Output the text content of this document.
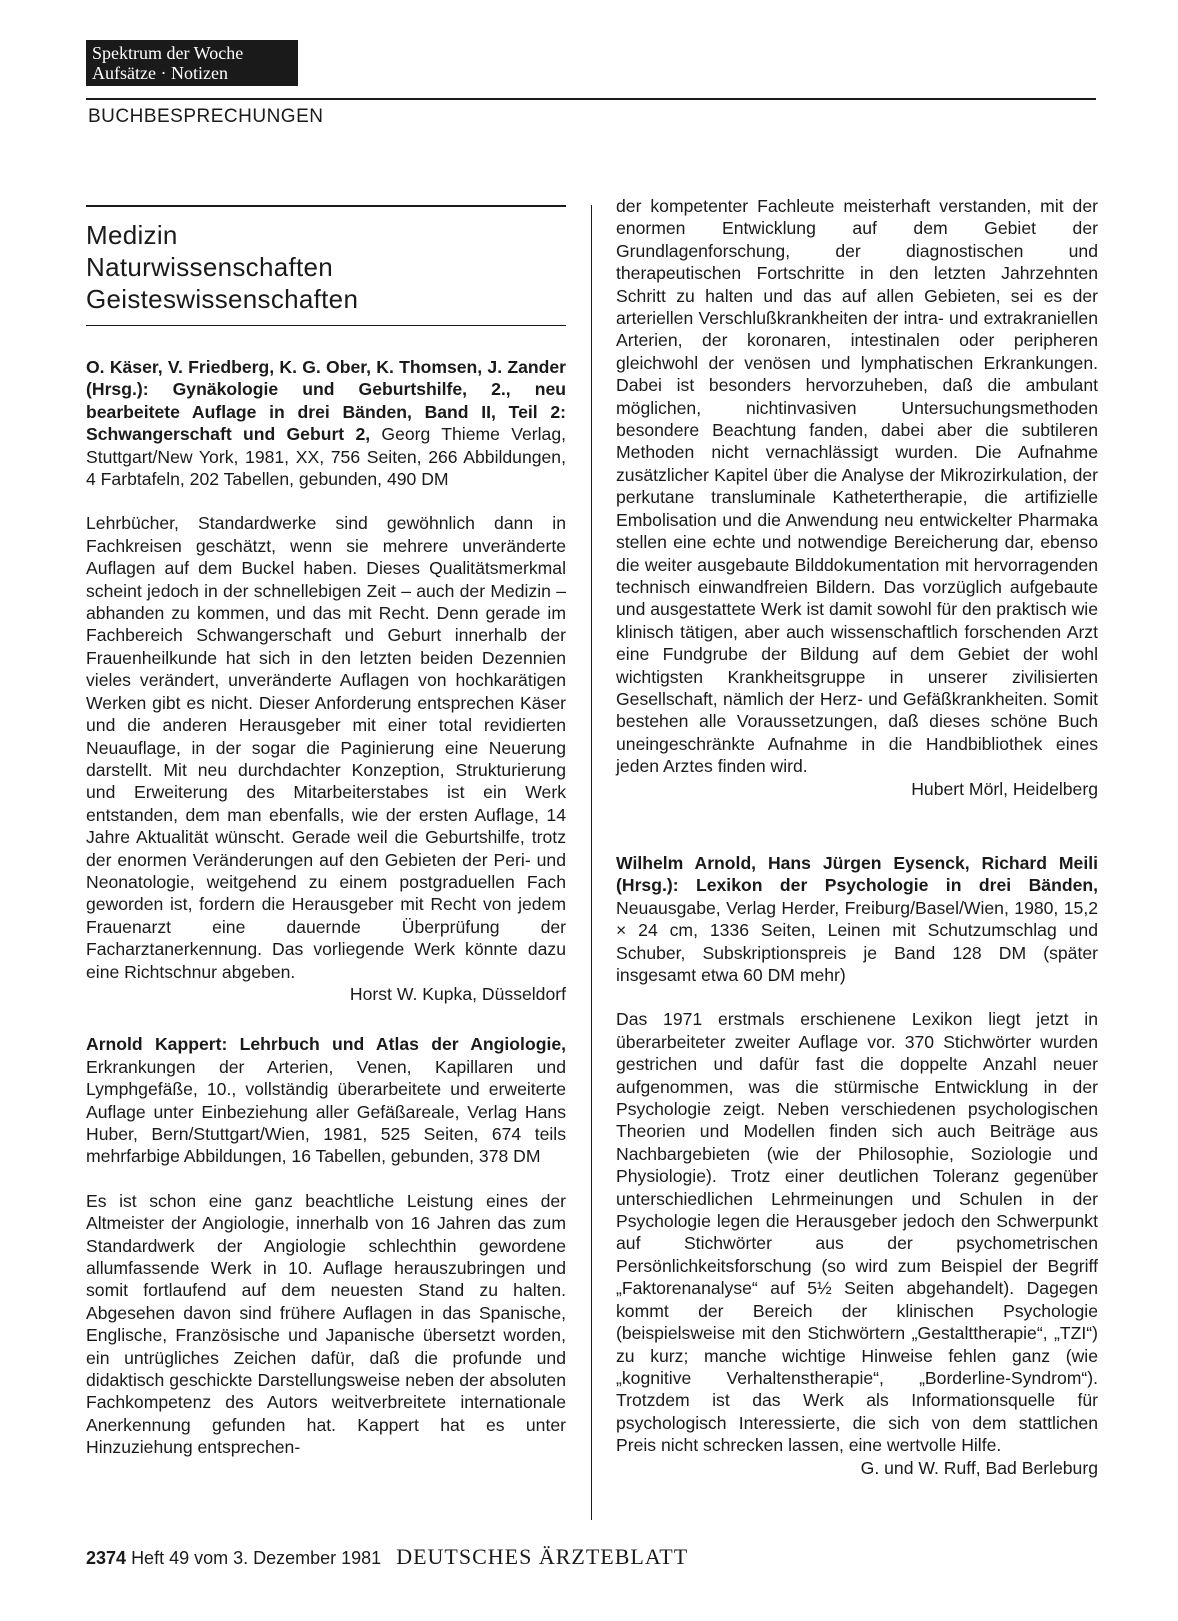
Spektrum der Woche
Aufsätze · Notizen
BUCHBESPRECHUNGEN
Medizin
Naturwissenschaften
Geisteswissenschaften

O. Käser, V. Friedberg, K. G. Ober, K. Thomsen, J. Zander (Hrsg.): Gynäkologie und Geburtshilfe, 2., neu bearbeitete Auflage in drei Bänden, Band II, Teil 2: Schwangerschaft und Geburt 2, Georg Thieme Verlag, Stuttgart/New York, 1981, XX, 756 Seiten, 266 Abbildungen, 4 Farbtafeln, 202 Tabellen, gebunden, 490 DM

Lehrbücher, Standardwerke sind gewöhnlich dann in Fachkreisen geschätzt, wenn sie mehrere unveränderte Auflagen auf dem Buckel haben. Dieses Qualitätsmerkmal scheint jedoch in der schnellebigen Zeit – auch der Medizin – abhanden zu kommen, und das mit Recht. Denn gerade im Fachbereich Schwangerschaft und Geburt innerhalb der Frauenheilkunde hat sich in den letzten beiden Dezennien vieles verändert, unveränderte Auflagen von hochkarätigen Werken gibt es nicht. Dieser Anforderung entsprechen Käser und die anderen Herausgeber mit einer total revidierten Neuauflage, in der sogar die Paginierung eine Neuerung darstellt. Mit neu durchdachter Konzeption, Strukturierung und Erweiterung des Mitarbeiterstabes ist ein Werk entstanden, dem man ebenfalls, wie der ersten Auflage, 14 Jahre Aktualität wünscht. Gerade weil die Geburtshilfe, trotz der enormen Veränderungen auf den Gebieten der Peri- und Neonatologie, weitgehend zu einem postgraduellen Fach geworden ist, fordern die Herausgeber mit Recht von jedem Frauenarzt eine dauernde Überprüfung der Facharztanerkennung. Das vorliegende Werk könnte dazu eine Richtschnur abgeben.

Horst W. Kupka, Düsseldorf

Arnold Kappert: Lehrbuch und Atlas der Angiologie, Erkrankungen der Arterien, Venen, Kapillaren und Lymphgefäße, 10., vollständig überarbeitete und erweiterte Auflage unter Einbeziehung aller Gefäßareale, Verlag Hans Huber, Bern/Stuttgart/Wien, 1981, 525 Seiten, 674 teils mehrfarbige Abbildungen, 16 Tabellen, gebunden, 378 DM

Es ist schon eine ganz beachtliche Leistung eines der Altmeister der Angiologie, innerhalb von 16 Jahren das zum Standardwerk der Angiologie schlechthin gewordene allumfassende Werk in 10. Auflage herauszubringen und somit fortlaufend auf dem neuesten Stand zu halten. Abgesehen davon sind frühere Auflagen in das Spanische, Englische, Französische und Japanische übersetzt worden, ein untrügliches Zeichen dafür, daß die profunde und didaktisch geschickte Darstellungsweise neben der absoluten Fachkompetenz des Autors weitverbreitete internationale Anerkennung gefunden hat. Kappert hat es unter Hinzuziehung entsprechen-

der kompetenter Fachleute meisterhaft verstanden, mit der enormen Entwicklung auf dem Gebiet der Grundlagenforschung, der diagnostischen und therapeutischen Fortschritte in den letzten Jahrzehnten Schritt zu halten und das auf allen Gebieten, sei es der arteriellen Verschlußkrankheiten der intra- und extrakraniellen Arterien, der koronaren, intestinalen oder peripheren gleichwohl der venösen und lymphatischen Erkrankungen. Dabei ist besonders hervorzuheben, daß die ambulant möglichen, nichtinvasiven Untersuchungsmethoden besondere Beachtung fanden, dabei aber die subtileren Methoden nicht vernachlässigt wurden. Die Aufnahme zusätzlicher Kapitel über die Analyse der Mikrozirkulation, der perkutane transluminale Kathetertherapie, die artifizielle Embolisation und die Anwendung neu entwickelter Pharmaka stellen eine echte und notwendige Bereicherung dar, ebenso die weiter ausgebaute Bilddokumentation mit hervorragenden technisch einwandfreien Bildern. Das vorzüglich aufgebaute und ausgestattete Werk ist damit sowohl für den praktisch wie klinisch tätigen, aber auch wissenschaftlich forschenden Arzt eine Fundgrube der Bildung auf dem Gebiet der wohl wichtigsten Krankheitsgruppe in unserer zivilisierten Gesellschaft, nämlich der Herz- und Gefäßkrankheiten. Somit bestehen alle Voraussetzungen, daß dieses schöne Buch uneingeschränkte Aufnahme in die Handbibliothek eines jeden Arztes finden wird.

Hubert Mörl, Heidelberg

Wilhelm Arnold, Hans Jürgen Eysenck, Richard Meili (Hrsg.): Lexikon der Psychologie in drei Bänden, Neuausgabe, Verlag Herder, Freiburg/Basel/Wien, 1980, 15,2 × 24 cm, 1336 Seiten, Leinen mit Schutzumschlag und Schuber, Subskriptionspreis je Band 128 DM (später insgesamt etwa 60 DM mehr)

Das 1971 erstmals erschienene Lexikon liegt jetzt in überarbeiteter zweiter Auflage vor. 370 Stichwörter wurden gestrichen und dafür fast die doppelte Anzahl neuer aufgenommen, was die stürmische Entwicklung in der Psychologie zeigt. Neben verschiedenen psychologischen Theorien und Modellen finden sich auch Beiträge aus Nachbargebieten (wie der Philosophie, Soziologie und Physiologie). Trotz einer deutlichen Toleranz gegenüber unterschiedlichen Lehrmeinungen und Schulen in der Psychologie legen die Herausgeber jedoch den Schwerpunkt auf Stichwörter aus der psychometrischen Persönlichkeitsforschung (so wird zum Beispiel der Begriff „Faktorenanalyse“ auf 5½ Seiten abgehandelt). Dagegen kommt der Bereich der klinischen Psychologie (beispielsweise mit den Stichwörtern „Gestalttherapie“, „TZI“) zu kurz; manche wichtige Hinweise fehlen ganz (wie „kognitive Verhaltenstherapie“, „Borderline-Syndrom“). Trotzdem ist das Werk als Informationsquelle für psychologisch Interessierte, die sich von dem stattlichen Preis nicht schrecken lassen, eine wertvolle Hilfe.

G. und W. Ruff, Bad Berleburg

2374 Heft 49 vom 3. Dezember 1981 DEUTSCHES ÄRZTEBLATT
